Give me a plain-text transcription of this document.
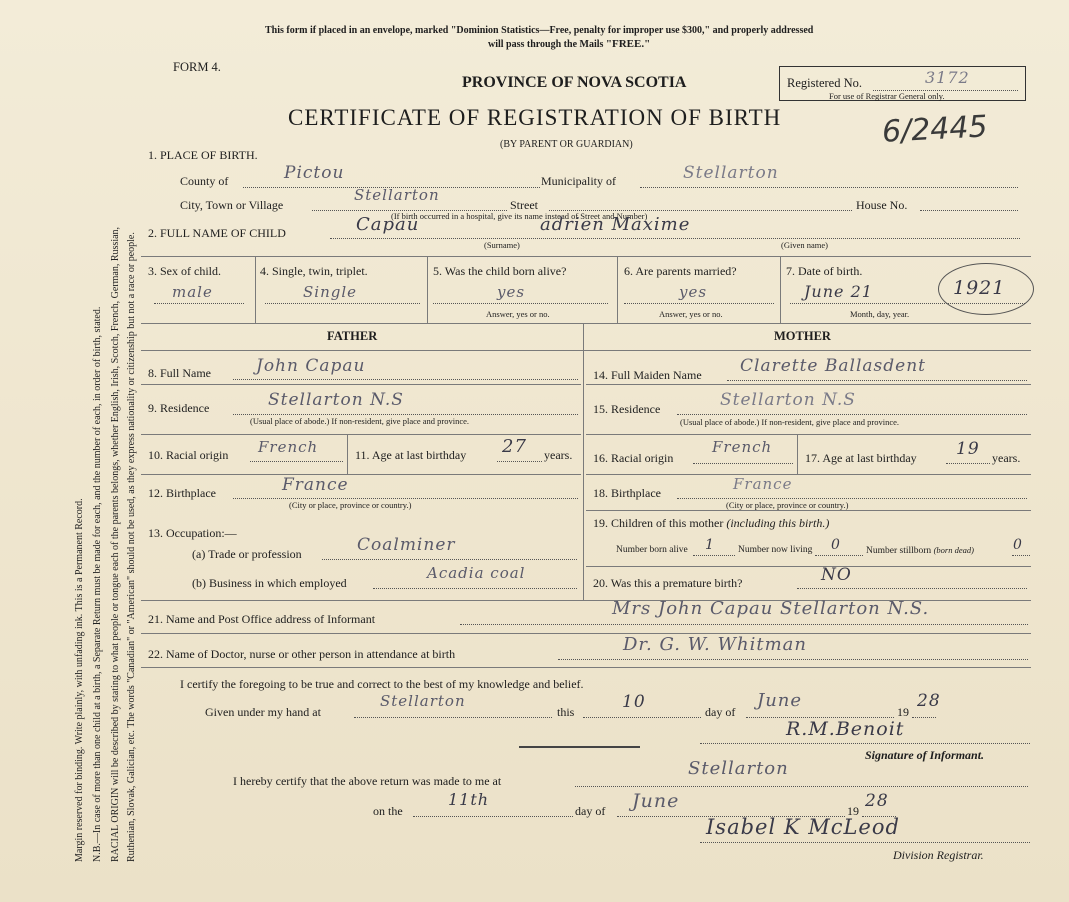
Margin reserved for binding. Write plainly, with unfading ink. This is a Permanent Record. N.B.—In case of more than one child at a birth, a Separate Return must be made for each, and the number of each, in order of birth, stated. RACIAL ORIGIN will be described by stating to what people or tongue each of the parents belongs, whether English, Irish, Scotch, French, German, Russian, Ruthenian, Slovak, Galician, etc. The words "Canadian" or "American" should not be used, as they express nationality or citizenship but not a race or people.
This form if placed in an envelope, marked "Dominion Statistics—Free, penalty for improper use $300," and properly addressed
will pass through the Mails "FREE."
FORM 4.
PROVINCE OF NOVA SCOTIA
CERTIFICATE OF REGISTRATION OF BIRTH
(BY PARENT OR GUARDIAN)
Registered No.	3172
For use of Registrar General only.
6/2445
1. PLACE OF BIRTH.
County of	Pictou	Municipality of	Stellarton
City, Town or Village
Stellarton
Street	House No.
(If birth occurred in a hospital, give its name instead of Street and Number)
2. FULL NAME OF CHILD	Capau	adrien Maxime
(Surname)	(Given name)
3. Sex of child.
male
4. Single, twin, triplet.
Single
5. Was the child born alive?
yes
Answer, yes or no.
6. Are parents married?
yes
Answer, yes or no.
7. Date of birth.
June 21	1921
Month, day, year.
FATHER	MOTHER
8. Full Name	John Capau
9. Residence	Stellarton N.S
(Usual place of abode.) If non-resident, give place and province.
10. Racial origin French	11. Age at last birthday 27 years.
12. Birthplace	France
(City or place, province or country.)
13. Occupation:—
(a) Trade or profession	Coalminer
(b) Business in which employed
Acadia coal
14. Full Maiden Name Clarette Ballasdent
15. Residence	Stellarton N.S
(Usual place of abode.) If non-resident, give place and province.
16. Racial origin
French
17. Age at last birthday 19 years.
18. Birthplace	France
(City or place, province or country.)
19. Children of this mother (including this birth.)
Number born alive 1 Number now living 0	Number stillborn (born dead)	0
20. Was this a premature birth?	NO
21. Name and Post Office address of Informant	Mrs John Capau Stellarton N.S.
22. Name of Doctor, nurse or other person in attendance at birth	Dr. G. W. Whitman
I certify the foregoing to be true and correct to the best of my knowledge and belief.
Given under my hand at
Stellarton
this	10	day of
June
19
28
R.M.Benoit
Signature of Informant.
I hereby certify that the above return was made to me at
Stellarton
on the
11th
day of June	19 28
Isabel K McLeod
Division Registrar.
